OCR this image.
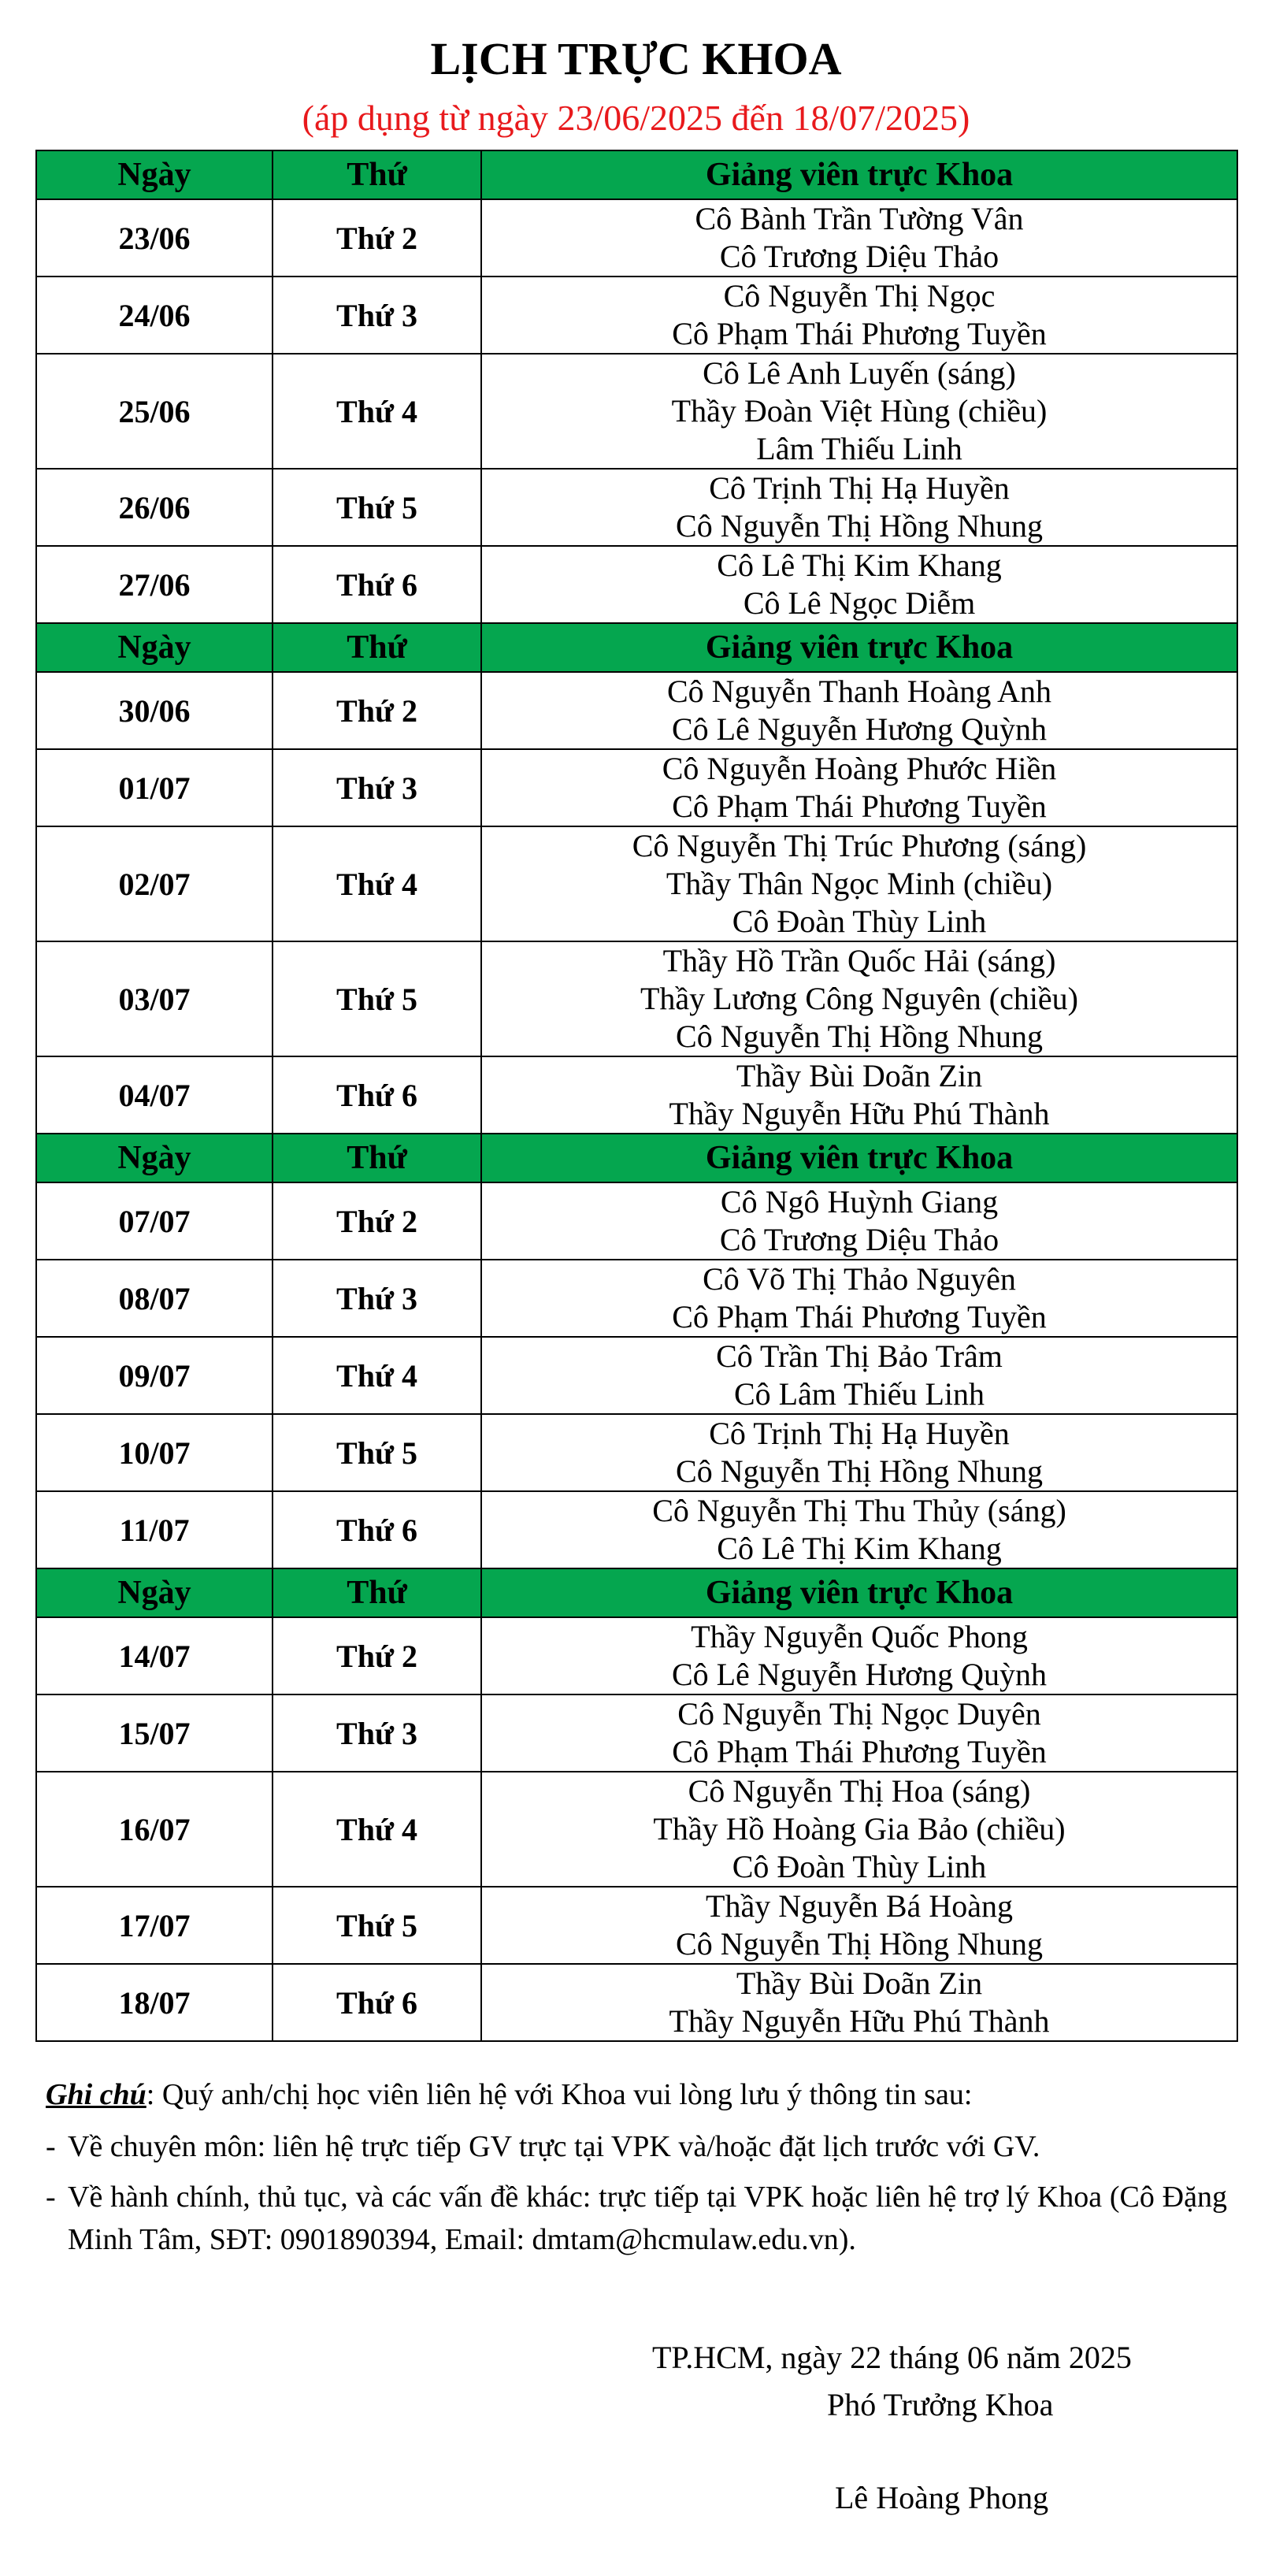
LỊCH TRỰC KHOA
(áp dụng từ ngày 23/06/2025 đến 18/07/2025)
Ngày	Thứ	Giảng viên trực Khoa
23/06	Thứ 2	Cô Bành Trần Tường Vân
Cô Trương Diệu Thảo

24/06	Thứ 3	Cô Nguyễn Thị Ngọc
Cô Phạm Thái Phương Tuyền

25/06	Thứ 4	Cô Lê Anh Luyến (sáng)
Thầy Đoàn Việt Hùng (chiều)
Lâm Thiếu Linh

26/06	Thứ 5	Cô Trịnh Thị Hạ Huyền
Cô Nguyễn Thị Hồng Nhung

27/06	Thứ 6	Cô Lê Thị Kim Khang
Cô Lê Ngọc Diễm

Ngày	Thứ	Giảng viên trực Khoa
30/06	Thứ 2	Cô Nguyễn Thanh Hoàng Anh
Cô Lê Nguyễn Hương Quỳnh

01/07	Thứ 3	Cô Nguyễn Hoàng Phước Hiền
Cô Phạm Thái Phương Tuyền

02/07	Thứ 4	Cô Nguyễn Thị Trúc Phương (sáng)
Thầy Thân Ngọc Minh (chiều)
Cô Đoàn Thùy Linh

03/07	Thứ 5	Thầy Hồ Trần Quốc Hải (sáng)
Thầy Lương Công Nguyên (chiều)
Cô Nguyễn Thị Hồng Nhung

04/07	Thứ 6	Thầy Bùi Doãn Zin
Thầy Nguyễn Hữu Phú Thành

Ngày	Thứ	Giảng viên trực Khoa
07/07	Thứ 2	Cô Ngô Huỳnh Giang
Cô Trương Diệu Thảo

08/07	Thứ 3	Cô Võ Thị Thảo Nguyên
Cô Phạm Thái Phương Tuyền

09/07	Thứ 4	Cô Trần Thị Bảo Trâm
Cô Lâm Thiếu Linh

10/07	Thứ 5	Cô Trịnh Thị Hạ Huyền
Cô Nguyễn Thị Hồng Nhung

11/07	Thứ 6	Cô Nguyễn Thị Thu Thủy (sáng)
Cô Lê Thị Kim Khang

Ngày	Thứ	Giảng viên trực Khoa
14/07	Thứ 2	Thầy Nguyễn Quốc Phong
Cô Lê Nguyễn Hương Quỳnh

15/07	Thứ 3	Cô Nguyễn Thị Ngọc Duyên
Cô Phạm Thái Phương Tuyền

16/07	Thứ 4	Cô Nguyễn Thị Hoa (sáng)
Thầy Hồ Hoàng Gia Bảo (chiều)
Cô Đoàn Thùy Linh

17/07	Thứ 5	Thầy Nguyễn Bá Hoàng
Cô Nguyễn Thị Hồng Nhung

18/07	Thứ 6	Thầy Bùi Doãn Zin
Thầy Nguyễn Hữu Phú Thành

Ghi chú: Quý anh/chị học viên liên hệ với Khoa vui lòng lưu ý thông tin sau:

- Về chuyên môn: liên hệ trực tiếp GV trực tại VPK và/hoặc đặt lịch trước với GV.
- Về hành chính, thủ tục, và các vấn đề khác: trực tiếp tại VPK hoặc liên hệ trợ lý Khoa (Cô Đặng Minh Tâm, SĐT: 0901890394, Email: dmtam@hcmulaw.edu.vn).
TP.HCM, ngày 22 tháng 06 năm 2025
Phó Trưởng Khoa
Lê Hoàng Phong
